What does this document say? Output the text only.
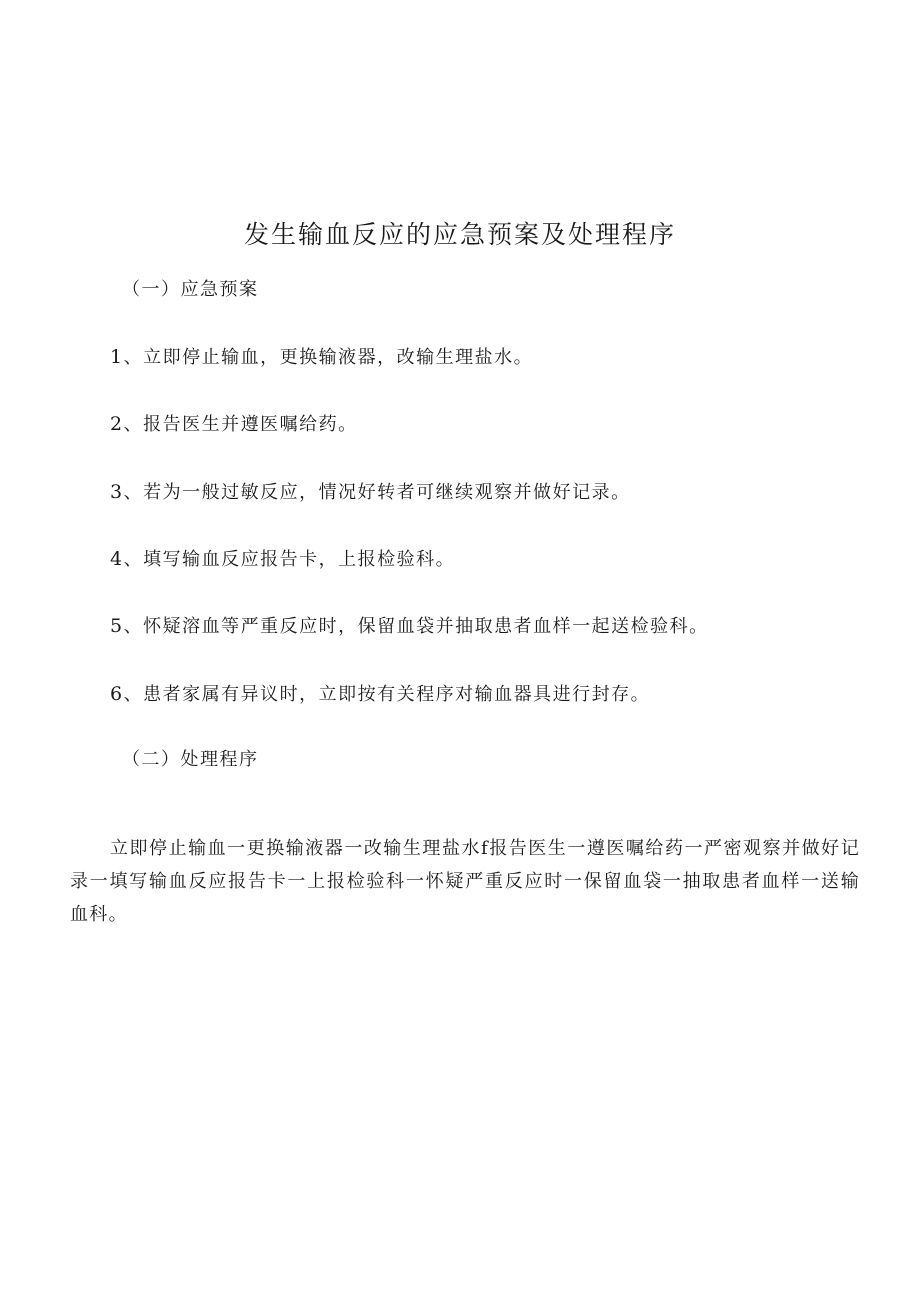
发生输血反应的应急预案及处理程序
（一）应急预案
1、立即停止输血，更换输液器，改输生理盐水。
2、报告医生并遵医嘱给药。
3、若为一般过敏反应，情况好转者可继续观察并做好记录。
4、填写输血反应报告卡，上报检验科。
5、怀疑溶血等严重反应时，保留血袋并抽取患者血样一起送检验科。
6、患者家属有异议时，立即按有关程序对输血器具进行封存。
（二）处理程序

立即停止输血一更换输液器一改输生理盐水f报告医生一遵医嘱给药一严密观察并做好记录一填写输血反应报告卡一上报检验科一怀疑严重反应时一保留血袋一抽取患者血样一送输血科。
